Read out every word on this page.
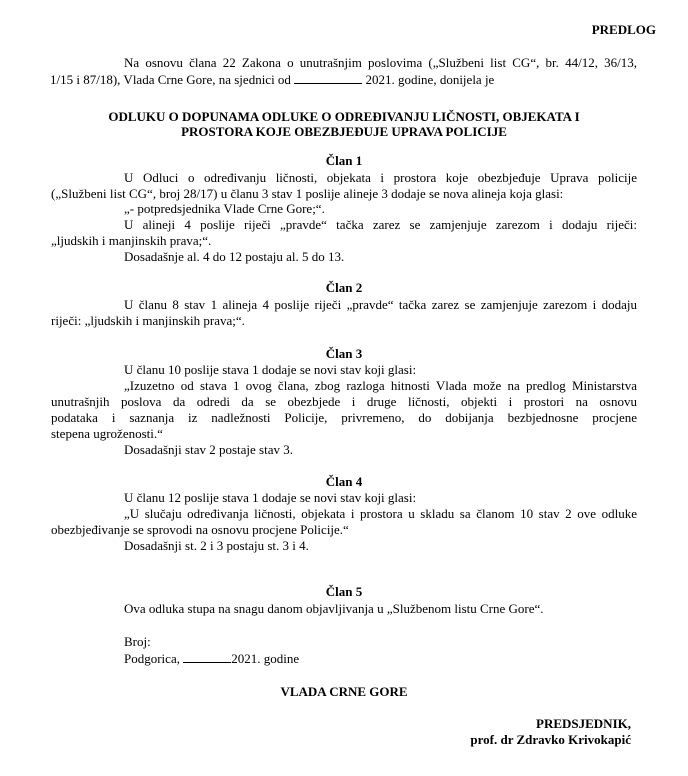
PREDLOG
Na osnovu člana 22 Zakona o unutrašnjim poslovima („Službeni list CG“, br. 44/12, 36/13,
1/15 i 87/18), Vlada Crne Gore, na sjednici od	2021. godine, donijela je
ODLUKU O DOPUNAMA ODLUKE O ODREĐIVANJU LIČNOSTI, OBJEKATA I
PROSTORA KOJE OBEZBJEĐUJE UPRAVA POLICIJE
Član 1
U Odluci o određivanju ličnosti, objekata i prostora koje obezbjeđuje Uprava policije
(„Službeni list CG“, broj 28/17) u članu 3 stav 1 poslije alineje 3 dodaje se nova alineja koja glasi:
„- potpredsjednika Vlade Crne Gore;“.
U alineji 4 poslije riječi „pravde“ tačka zarez se zamjenjuje zarezom i dodaju riječi:
„ljudskih i manjinskih prava;“.
Dosadašnje al. 4 do 12 postaju al. 5 do 13.
Član 2
U članu 8 stav 1 alineja 4 poslije riječi „pravde“ tačka zarez se zamjenjuje zarezom i dodaju
riječi: „ljudskih i manjinskih prava;“.
Član 3
U članu 10 poslije stava 1 dodaje se novi stav koji glasi:
„Izuzetno od stava 1 ovog člana, zbog razloga hitnosti Vlada može na predlog Ministarstva
unutrašnjih poslova da odredi da se obezbjede i druge ličnosti, objekti i prostori na osnovu
podataka i saznanja iz nadležnosti Policije, privremeno, do dobijanja bezbjednosne procjene
stepena ugroženosti.“
Dosadašnji stav 2 postaje stav 3.
Član 4
U članu 12 poslije stava 1 dodaje se novi stav koji glasi:
„U slučaju određivanja ličnosti, objekata i prostora u skladu sa članom 10 stav 2 ove odluke
obezbjeđivanje se sprovodi na osnovu procjene Policije.“
Dosadašnji st. 2 i 3 postaju st. 3 i 4.
Član 5
Ova odluka stupa na snagu danom objavljivanja u „Službenom listu Crne Gore“.
Broj:
Podgorica,	2021. godine
VLADA CRNE GORE
PREDSJEDNIK,
prof. dr Zdravko Krivokapić
